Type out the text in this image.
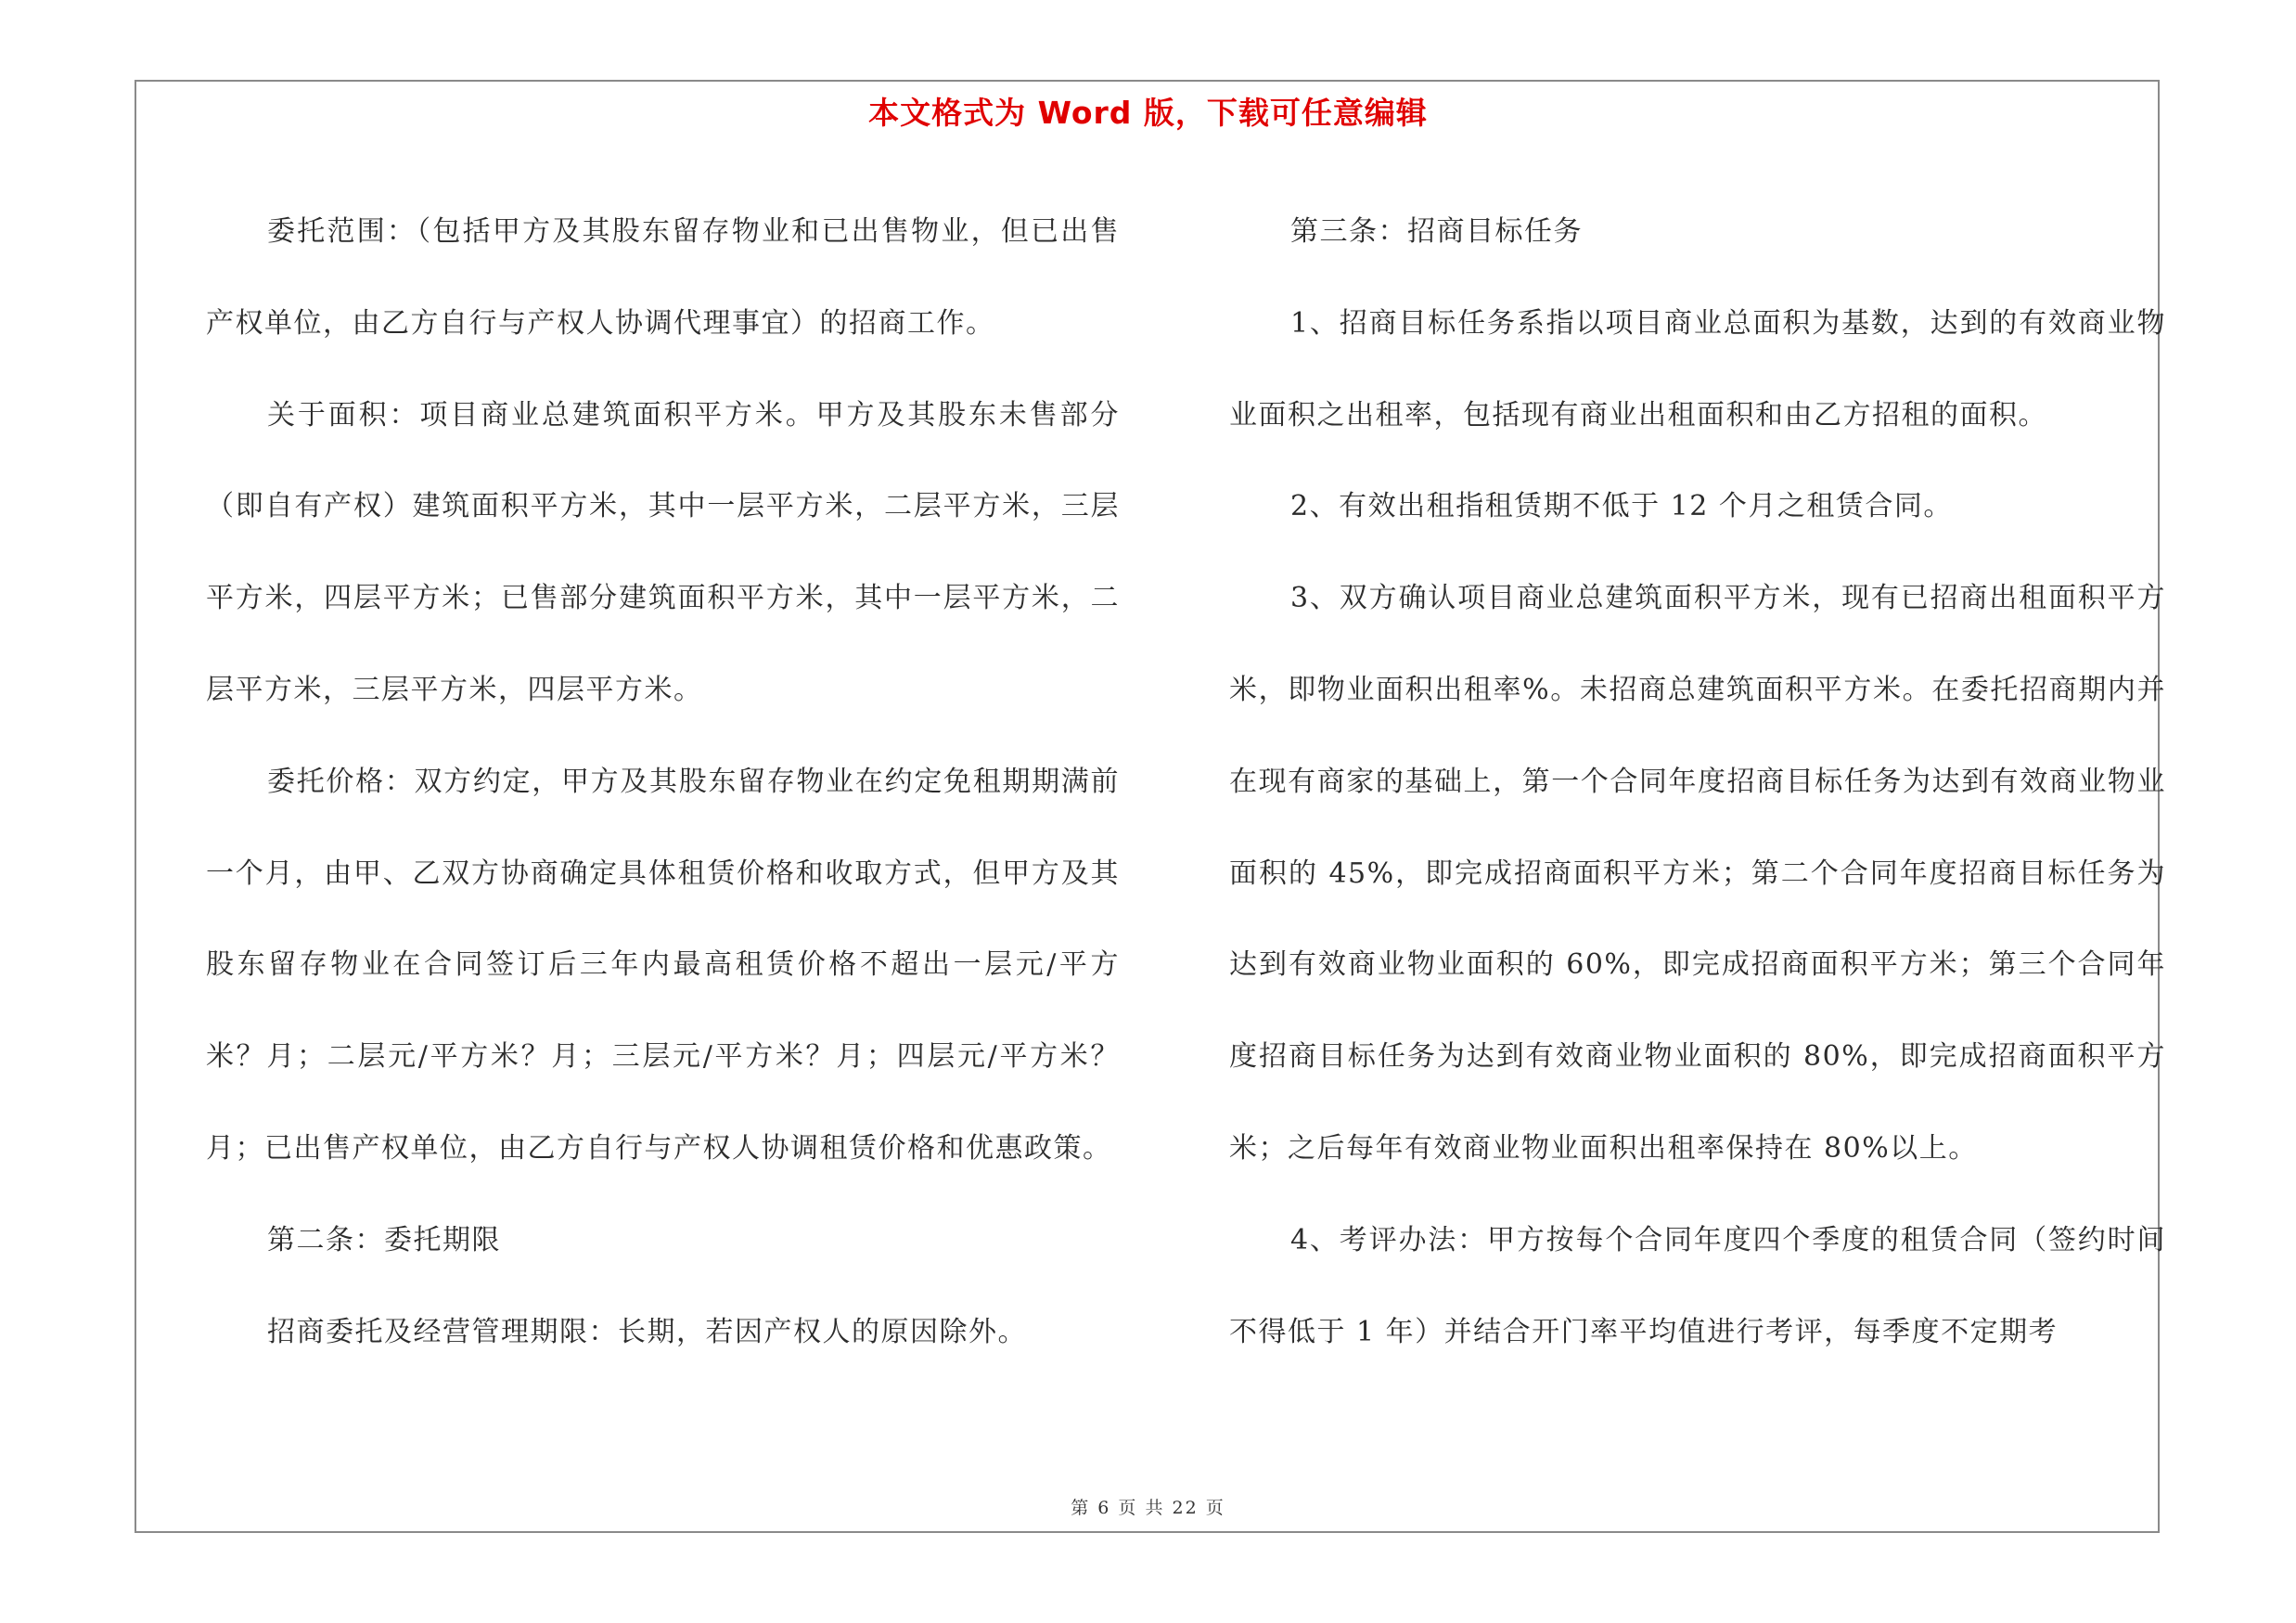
本文格式为 Word 版，下载可任意编辑

委托范围：（包括甲方及其股东留存物业和已出售物业，但已出售产权单位，由乙方自行与产权人协调代理事宜）的招商工作。

关于面积：项目商业总建筑面积平方米。甲方及其股东未售部分（即自有产权）建筑面积平方米，其中一层平方米，二层平方米，三层平方米，四层平方米；已售部分建筑面积平方米，其中一层平方米，二层平方米，三层平方米，四层平方米。

委托价格：双方约定，甲方及其股东留存物业在约定免租期期满前一个月，由甲、乙双方协商确定具体租赁价格和收取方式，但甲方及其股东留存物业在合同签订后三年内最高租赁价格不超出一层元/平方米？月；二层元/平方米？月；三层元/平方米？月；四层元/平方米？月；已出售产权单位，由乙方自行与产权人协调租赁价格和优惠政策。

第二条：委托期限

招商委托及经营管理期限：长期，若因产权人的原因除外。

第三条：招商目标任务

1、招商目标任务系指以项目商业总面积为基数，达到的有效商业物业面积之出租率，包括现有商业出租面积和由乙方招租的面积。

2、有效出租指租赁期不低于 12 个月之租赁合同。

3、双方确认项目商业总建筑面积平方米，现有已招商出租面积平方米，即物业面积出租率%。未招商总建筑面积平方米。在委托招商期内并在现有商家的基础上，第一个合同年度招商目标任务为达到有效商业物业面积的 45%，即完成招商面积平方米；第二个合同年度招商目标任务为达到有效商业物业面积的 60%，即完成招商面积平方米；第三个合同年度招商目标任务为达到有效商业物业面积的 80%，即完成招商面积平方米；之后每年有效商业物业面积出租率保持在 80%以上。

4、考评办法：甲方按每个合同年度四个季度的租赁合同（签约时间不得低于 1 年）并结合开门率平均值进行考评，每季度不定期考

第 6 页 共 22 页
